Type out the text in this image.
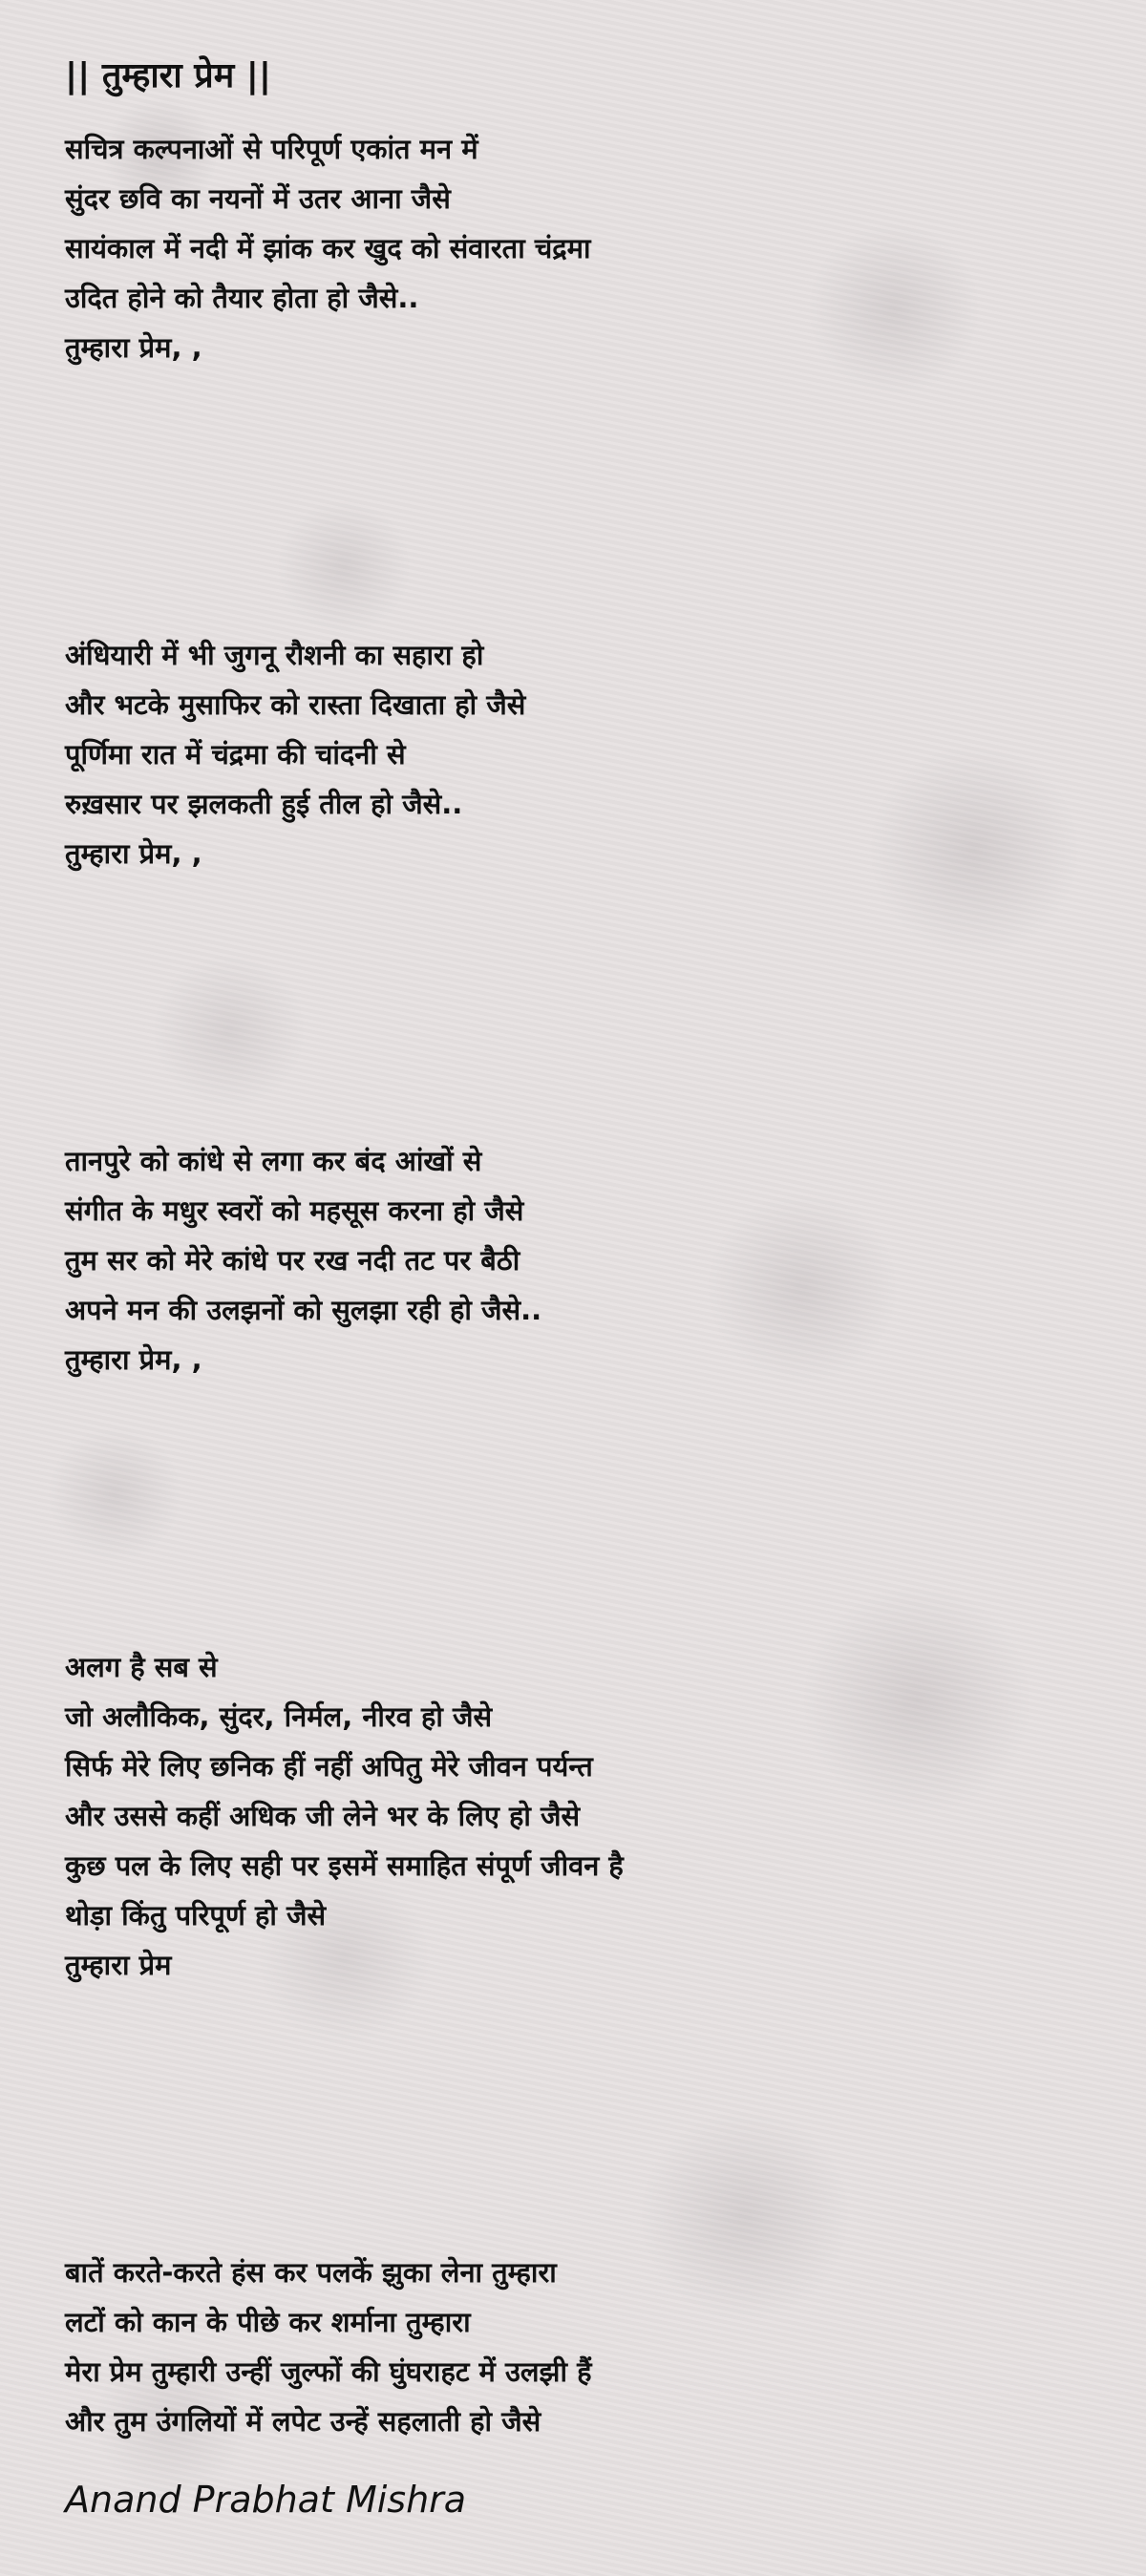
|| तुम्हारा प्रेम ||
सचित्र कल्पनाओं से परिपूर्ण एकांत मन में
सुंदर छवि का नयनों में उतर आना जैसे
सायंकाल में नदी में झांक कर खुद को संवारता चंद्रमा
उदित होने को तैयार होता हो जैसे..
तुम्हारा प्रेम, ,
अंधियारी में भी जुगनू रौशनी का सहारा हो
और भटके मुसाफिर को रास्ता दिखाता हो जैसे
पूर्णिमा रात में चंद्रमा की चांदनी से
रुख़सार पर झलकती हुई तील हो जैसे..
तुम्हारा प्रेम, ,
तानपुरे को कांधे से लगा कर बंद आंखों से
संगीत के मधुर स्वरों को महसूस करना हो जैसे
तुम सर को मेरे कांधे पर रख नदी तट पर बैठी
अपने मन की उलझनों को सुलझा रही हो जैसे..
तुम्हारा प्रेम, ,
अलग है सब से
जो अलौकिक, सुंदर, निर्मल, नीरव हो जैसे
सिर्फ मेरे लिए छनिक हीं नहीं अपितु मेरे जीवन पर्यन्त
और उससे कहीं अधिक जी लेने भर के लिए हो जैसे
कुछ पल के लिए सही पर इसमें समाहित संपूर्ण जीवन है
थोड़ा किंतु परिपूर्ण हो जैसे
तुम्हारा प्रेम
बातें करते-करते हंस कर पलकें झुका लेना तुम्हारा
लटों को कान के पीछे कर शर्माना तुम्हारा
मेरा प्रेम तुम्हारी उन्हीं जुल्फों की घुंघराहट में उलझी हैं
और तुम उंगलियों में लपेट उन्हें सहलाती हो जैसे
Anand Prabhat Mishra
